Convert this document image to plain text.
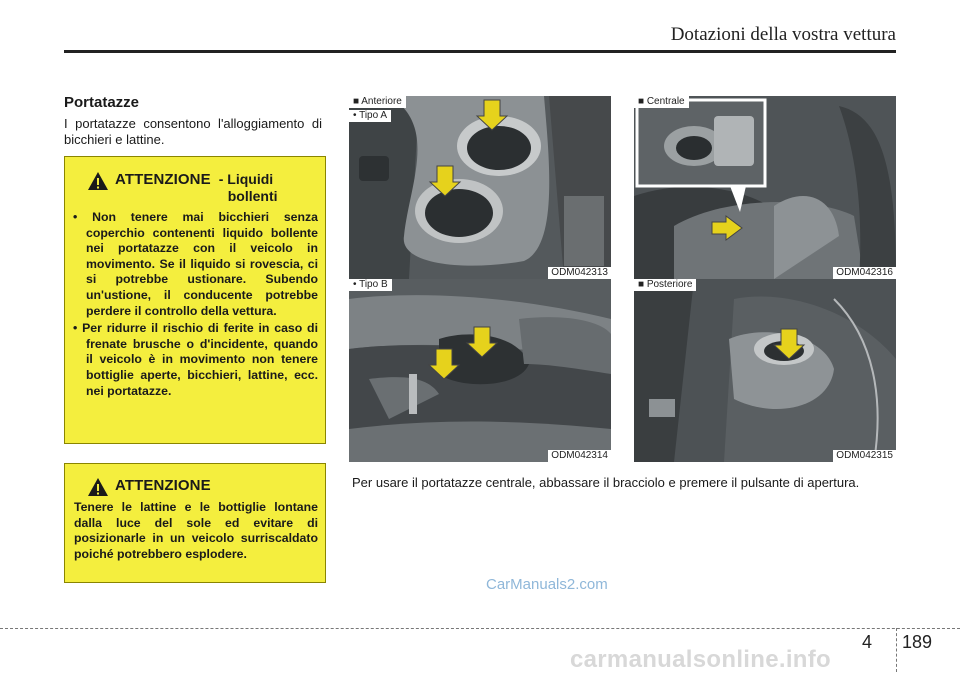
Dotazioni della vostra vettura
Portatazze
I portatazze consentono l'alloggiamento di bicchieri e lattine.
ATTENZIONE - Liquidi
bollenti
• Non tenere mai bicchieri senza coperchio contenenti liquido bollente nei portatazze con il veicolo in movimento. Se il liquido si rovescia, ci si potrebbe ustionare. Subendo un'ustione, il conducente potrebbe perdere il controllo della vettura.
• Per ridurre il rischio di ferite in caso di frenate brusche o d'incidente, quando il veicolo è in movimento non tenere bottiglie aperte, bicchieri, lattine, ecc. nei portatazze.
ATTENZIONE
Tenere le lattine e le bottiglie lontane dalla luce del sole ed evitare di posizionarle in un veicolo surriscaldato poiché potrebbero esplodere.
■ Anteriore
• Tipo A
ODM042313
■ Centrale
ODM042316
• Tipo B
ODM042314
■ Posteriore
ODM042315
Per usare il portatazze centrale, abbassare il bracciolo e premere il pulsante di apertura.
CarManuals2.com
4 189
carmanualsonline.info
